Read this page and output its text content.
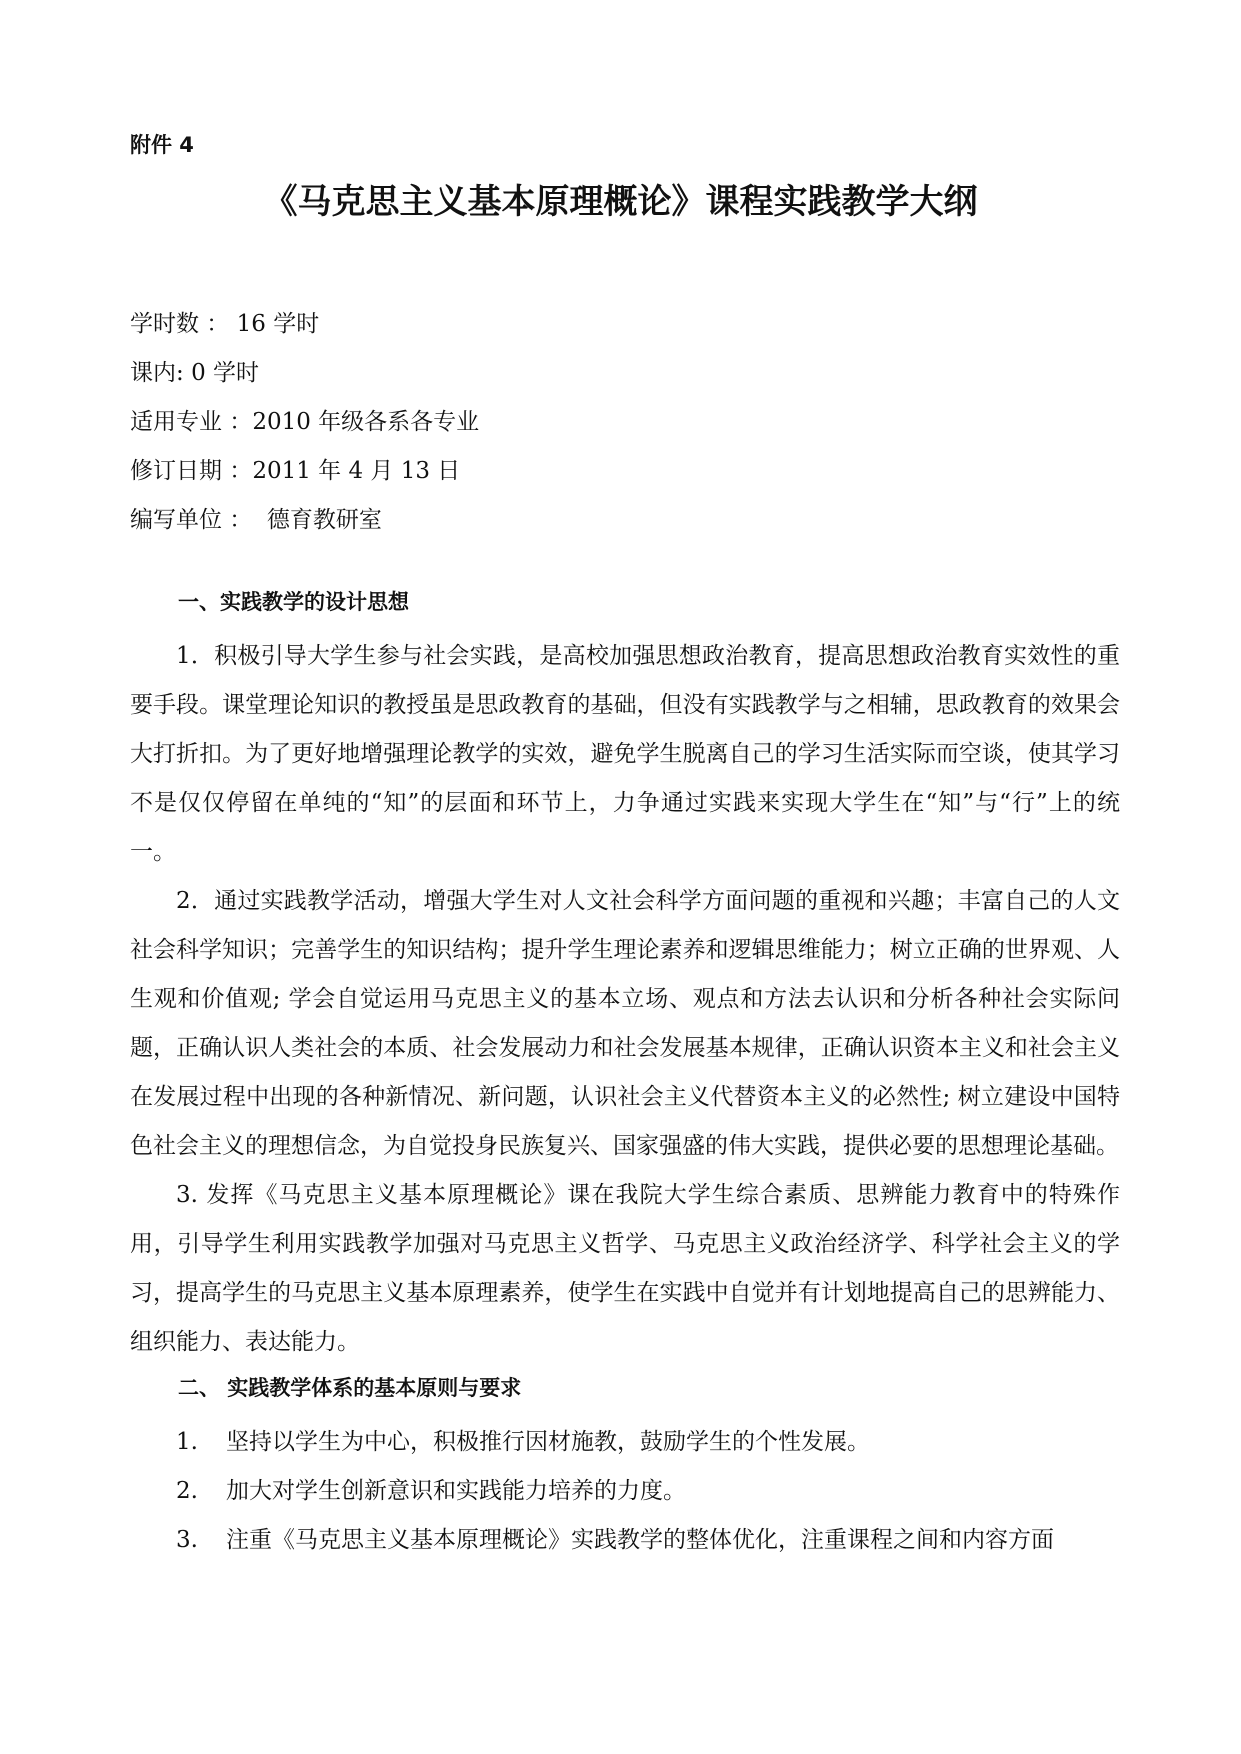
附件 4
《马克思主义基本原理概论》课程实践教学大纲
学时数 ： 16 学时
课内: 0 学时
适用专业 ：2010 年级各系各专业
修订日期 ：2011 年 4 月 13 日
编写单位 ：  德育教研室
一、实践教学的设计思想

1．积极引导大学生参与社会实践，是高校加强思想政治教育，提高思想政治教育实效性的重要手段。课堂理论知识的教授虽是思政教育的基础，但没有实践教学与之相辅，思政教育的效果会大打折扣。为了更好地增强理论教学的实效，避免学生脱离自己的学习生活实际而空谈，使其学习不是仅仅停留在单纯的“知”的层面和环节上，力争通过实践来实现大学生在“知”与“行”上的统一。

2．通过实践教学活动，增强大学生对人文社会科学方面问题的重视和兴趣；丰富自己的人文社会科学知识；完善学生的知识结构；提升学生理论素养和逻辑思维能力；树立正确的世界观、人生观和价值观; 学会自觉运用马克思主义的基本立场、观点和方法去认识和分析各种社会实际问题，正确认识人类社会的本质、社会发展动力和社会发展基本规律，正确认识资本主义和社会主义在发展过程中出现的各种新情况、新问题，认识社会主义代替资本主义的必然性; 树立建设中国特色社会主义的理想信念，为自觉投身民族复兴、国家强盛的伟大实践，提供必要的思想理论基础。

3. 发挥《马克思主义基本原理概论》课在我院大学生综合素质、思辨能力教育中的特殊作用，引导学生利用实践教学加强对马克思主义哲学、马克思主义政治经济学、科学社会主义的学习，提高学生的马克思主义基本原理素养，使学生在实践中自觉并有计划地提高自己的思辨能力、组织能力、表达能力。

二、 实践教学体系的基本原则与要求
1.	坚持以学生为中心，积极推行因材施教，鼓励学生的个性发展。
2.	加大对学生创新意识和实践能力培养的力度。
3.	注重《马克思主义基本原理概论》实践教学的整体优化，注重课程之间和内容方面
